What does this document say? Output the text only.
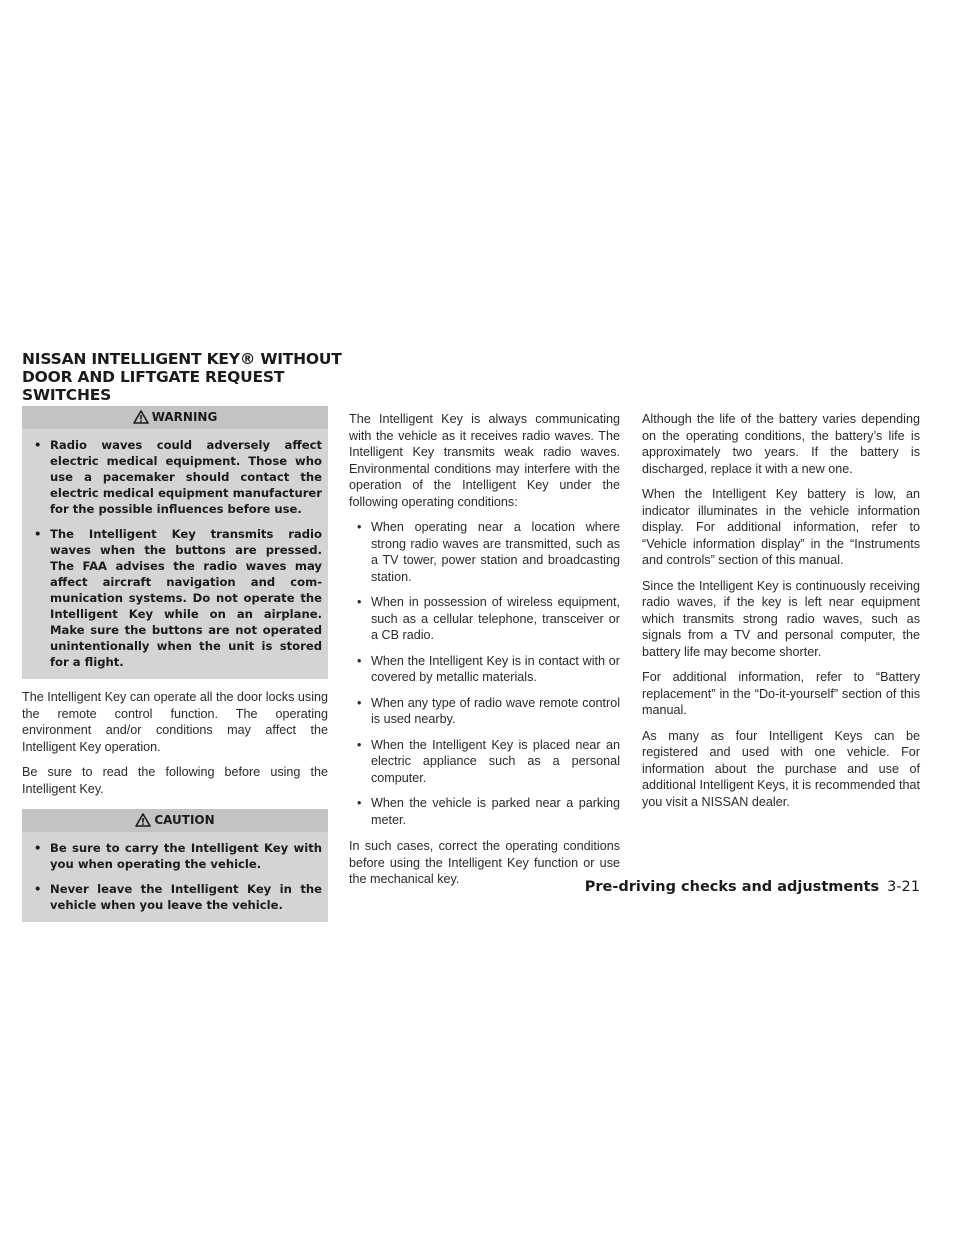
NISSAN INTELLIGENT KEY® WITHOUT
DOOR AND LIFTGATE REQUEST
SWITCHES
WARNING
• Radio waves could adversely affect electric medical equipment. Those who use a pacemaker should contact the electric medical equipment manufacturer for the possible influences before use.
• The Intelligent Key transmits radio waves when the buttons are pressed. The FAA advises the radio waves may affect aircraft navigation and communication systems. Do not operate the Intelligent Key while on an airplane. Make sure the buttons are not operated unintentionally when the unit is stored for a flight.

The Intelligent Key can operate all the door locks using the remote control function. The operating environment and/or conditions may affect the Intelligent Key operation.

Be sure to read the following before using the Intelligent Key.

CAUTION
• Be sure to carry the Intelligent Key with you when operating the vehicle.
• Never leave the Intelligent Key in the vehicle when you leave the vehicle.

The Intelligent Key is always communicating with the vehicle as it receives radio waves. The Intelligent Key transmits weak radio waves. Environmental conditions may interfere with the operation of the Intelligent Key under the following operating conditions:

• When operating near a location where strong radio waves are transmitted, such as a TV tower, power station and broadcasting station.
• When in possession of wireless equipment, such as a cellular telephone, transceiver or a CB radio.
• When the Intelligent Key is in contact with or covered by metallic materials.
• When any type of radio wave remote control is used nearby.
• When the Intelligent Key is placed near an electric appliance such as a personal computer.
• When the vehicle is parked near a parking meter.

In such cases, correct the operating conditions before using the Intelligent Key function or use the mechanical key.

Although the life of the battery varies depending on the operating conditions, the battery’s life is approximately two years. If the battery is discharged, replace it with a new one.

When the Intelligent Key battery is low, an indicator illuminates in the vehicle information display. For additional information, refer to “Vehicle information display” in the “Instruments and controls” section of this manual.

Since the Intelligent Key is continuously receiving radio waves, if the key is left near equipment which transmits strong radio waves, such as signals from a TV and personal computer, the battery life may become shorter.

For additional information, refer to “Battery replacement” in the “Do-it-yourself” section of this manual.

As many as four Intelligent Keys can be registered and used with one vehicle. For information about the purchase and use of additional Intelligent Keys, it is recommended that you visit a NISSAN dealer.

Pre-driving checks and adjustments 3-21
